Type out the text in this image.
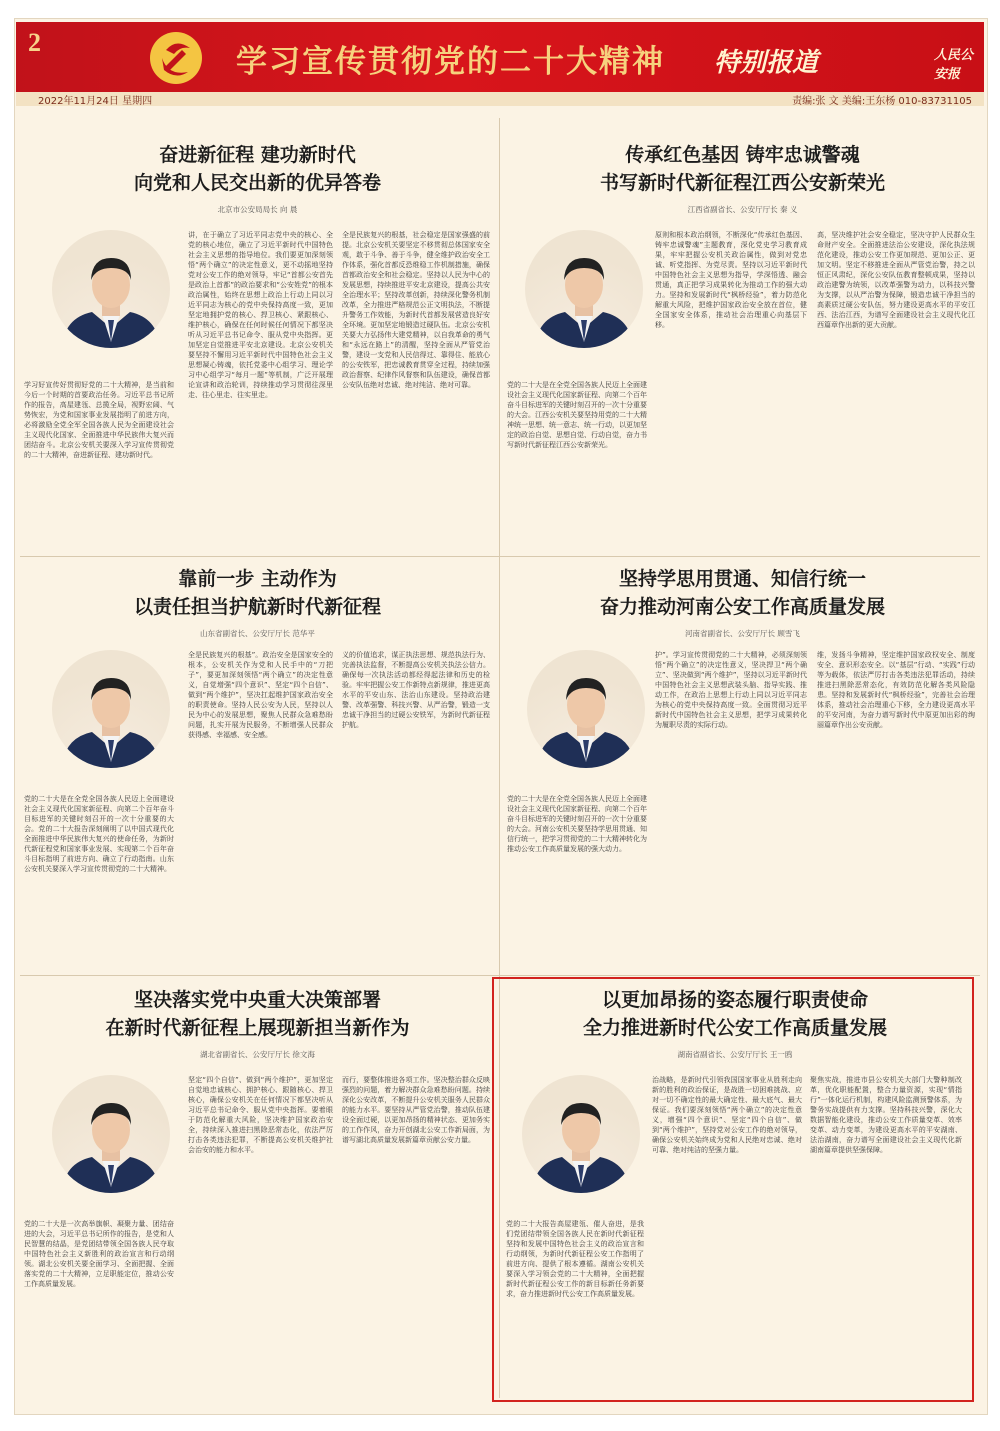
2
学习宣传贯彻党的二十大精神 特别报道	人民公安报
2022年11月24日 星期四	责编:张 文 美编:王东杨 010-83731105
奋进新征程 建功新时代
向党和人民交出新的优异答卷
北京市公安局局长 向 晨
学习好宣传好贯彻好党的二十大精神，是当前和今后一个时期的首要政治任务。习近平总书记所作的报告，高屋建瓴、总揽全局，视野宏阔、气势恢宏，为党和国家事业发展指明了前进方向，必将激励全党全军全国各族人民为全面建设社会主义现代化国家、全面推进中华民族伟大复兴而团结奋斗。北京公安机关要深入学习宣传贯彻党的二十大精神，奋进新征程、建功新时代。
讲，在于确立了习近平同志党中央的核心、全党的核心地位，确立了习近平新时代中国特色社会主义思想的指导地位。我们要更加深刻领悟“两个确立”的决定性意义，更不动摇地坚持党对公安工作的绝对领导，牢记“首都公安首先是政治上首都”的政治要求和“公安姓党”的根本政治属性，始终在思想上政治上行动上同以习近平同志为核心的党中央保持高度一致，更加坚定地拥护党的核心、捍卫核心、紧跟核心、维护核心，确保在任何时候任何情况下都坚决听从习近平总书记命令、服从党中央指挥。更加坚定自觉推进平安北京建设。北京公安机关要坚持不懈用习近平新时代中国特色社会主义思想凝心铸魂，依托党委中心组学习、理论学习中心组学习“每月一题”等机制，广泛开展理论宣讲和政治轮训，持续推动学习贯彻往深里走、往心里走、往实里走。
全是民族复兴的根基，社会稳定是国家强盛的前提。北京公安机关要坚定不移贯彻总体国家安全观，敢于斗争、善于斗争，健全维护政治安全工作体系，强化首都反恐维稳工作机制措施，确保首都政治安全和社会稳定。坚持以人民为中心的发展思想，持续推进平安北京建设，提高公共安全治理水平；坚持改革创新，持续深化警务机制改革，全力推进严格规范公正文明执法，不断提升警务工作效能，为新时代首都发展营造良好安全环境。更加坚定地锻造过硬队伍。北京公安机关要大力弘扬伟大建党精神，以自我革命的勇气和“永远在路上”的清醒，坚持全面从严管党治警，建设一支党和人民信得过、靠得住、能放心的公安铁军，把忠诚教育贯穿全过程，持续加强政治督察、纪律作风督察和队伍建设，确保首都公安队伍绝对忠诚、绝对纯洁、绝对可靠。
传承红色基因 铸牢忠诚警魂
书写新时代新征程江西公安新荣光
江西省副省长、公安厅厅长 秦 义
党的二十大是在全党全国各族人民迈上全面建设社会主义现代化国家新征程、向第二个百年奋斗目标进军的关键时刻召开的一次十分重要的大会。江西公安机关要坚持用党的二十大精神统一思想、统一意志、统一行动，以更加坚定的政治自觉、思想自觉、行动自觉，奋力书写新时代新征程江西公安新荣光。
原则和根本政治纲领，不断深化“传承红色基因、铸牢忠诚警魂”主题教育，深化党史学习教育成果，牢牢把握公安机关政治属性，做到对党忠诚、听党指挥、为党尽责。坚持以习近平新时代中国特色社会主义思想为指导，学深悟透、融会贯通，真正把学习成果转化为推动工作的强大动力。坚持和发展新时代“枫桥经验”，着力防范化解重大风险，把维护国家政治安全放在首位，健全国家安全体系，推动社会治理重心向基层下移。
高，坚决维护社会安全稳定，坚决守护人民群众生命财产安全。全面推进法治公安建设，深化执法规范化建设，推动公安工作更加规范、更加公正、更加文明。坚定不移推进全面从严管党治警，持之以恒正风肃纪，深化公安队伍教育整顿成果，坚持以政治建警为统领，以改革强警为动力，以科技兴警为支撑，以从严治警为保障，锻造忠诚干净担当的高素质过硬公安队伍，努力建设更高水平的平安江西、法治江西，为谱写全面建设社会主义现代化江西篇章作出新的更大贡献。
靠前一步 主动作为
以责任担当护航新时代新征程
山东省副省长、公安厅厅长 范华平
党的二十大是在全党全国各族人民迈上全面建设社会主义现代化国家新征程、向第二个百年奋斗目标进军的关键时刻召开的一次十分重要的大会。党的二十大报告深刻阐明了以中国式现代化全面推进中华民族伟大复兴的使命任务，为新时代新征程党和国家事业发展、实现第二个百年奋斗目标指明了前进方向、确立了行动指南。山东公安机关要深入学习宣传贯彻党的二十大精神。
全是民族复兴的根基”。政治安全是国家安全的根本，公安机关作为党和人民手中的“刀把子”，要更加深刻领悟“两个确立”的决定性意义，自觉增强“四个意识”、坚定“四个自信”、做到“两个维护”，坚决扛起维护国家政治安全的职责使命。坚持人民公安为人民，坚持以人民为中心的发展思想，聚焦人民群众急难愁盼问题，扎实开展为民服务，不断增强人民群众获得感、幸福感、安全感。
义的价值追求，谋正执法思想、规范执法行为、完善执法监督，不断提高公安机关执法公信力。确保每一次执法活动都经得起法律和历史的检验。牢牢把握公安工作新特点新规律，推进更高水平的平安山东、法治山东建设。坚持政治建警、改革强警、科技兴警、从严治警，锻造一支忠诚干净担当的过硬公安铁军，为新时代新征程护航。
坚持学思用贯通、知信行统一
奋力推动河南公安工作高质量发展
河南省副省长、公安厅厅长 顾雪飞
党的二十大是在全党全国各族人民迈上全面建设社会主义现代化国家新征程、向第二个百年奋斗目标进军的关键时刻召开的一次十分重要的大会。河南公安机关要坚持学思用贯通、知信行统一，把学习贯彻党的二十大精神转化为推动公安工作高质量发展的强大动力。
护”。学习宣传贯彻党的二十大精神，必须深刻领悟“两个确立”的决定性意义，坚决捍卫“两个确立”、坚决做到“两个维护”，坚持以习近平新时代中国特色社会主义思想武装头脑、指导实践、推动工作，在政治上思想上行动上同以习近平同志为核心的党中央保持高度一致。全面贯彻习近平新时代中国特色社会主义思想，把学习成果转化为履职尽责的实际行动。
维，发扬斗争精神，坚定维护国家政权安全、制度安全、意识形态安全。以“基层”行动、“实践”行动等为载体，依法严厉打击各类违法犯罪活动，持续推进扫黑除恶常态化，有效防范化解各类风险隐患。坚持和发展新时代“枫桥经验”，完善社会治理体系，推动社会治理重心下移，全力建设更高水平的平安河南，为奋力谱写新时代中原更加出彩的绚丽篇章作出公安贡献。
坚决落实党中央重大决策部署
在新时代新征程上展现新担当新作为
湖北省副省长、公安厅厅长 徐文海
党的二十大是一次高举旗帜、凝聚力量、团结奋进的大会，习近平总书记所作的报告，是党和人民智慧的结晶，是党团结带领全国各族人民夺取中国特色社会主义新胜利的政治宣言和行动纲领。湖北公安机关要全面学习、全面把握、全面落实党的二十大精神，立足职能定位，推动公安工作高质量发展。
坚定“四个自信”、做到“两个维护”，更加坚定自觉地忠诚核心、拥护核心、跟随核心、捍卫核心，确保公安机关在任何情况下都坚决听从习近平总书记命令、服从党中央指挥。要着眼于防范化解重大风险，坚决维护国家政治安全，持续深入推进扫黑除恶常态化，依法严厉打击各类违法犯罪，不断提高公安机关维护社会治安的能力和水平。
而行，要整体推进各项工作。坚决整治群众反映强烈的问题，着力解决群众急难愁盼问题。持续深化公安改革，不断提升公安机关服务人民群众的能力水平。要坚持从严管党治警，推动队伍建设全面过硬，以更加昂扬的精神状态、更加务实的工作作风，奋力开创湖北公安工作新局面，为谱写湖北高质量发展新篇章贡献公安力量。
以更加昂扬的姿态履行职责使命
全力推进新时代公安工作高质量发展
湖南省副省长、公安厅厅长 王一鸥
党的二十大报告高屋建瓴、催人奋进，是我们党团结带领全国各族人民在新时代新征程坚持和发展中国特色社会主义的政治宣言和行动纲领，为新时代新征程公安工作指明了前进方向、提供了根本遵循。湖南公安机关要深入学习领会党的二十大精神，全面把握新时代新征程公安工作的新目标新任务新要求，奋力推进新时代公安工作高质量发展。
治战略，是新时代引领我国国家事业从胜利走向新的胜利的政治保证，是战胜一切困难挑战、应对一切不确定性的最大确定性、最大底气、最大保证。我们要深刻领悟“两个确立”的决定性意义，增强“四个意识”、坚定“四个自信”、做到“两个维护”，坚持党对公安工作的绝对领导，确保公安机关始终成为党和人民绝对忠诚、绝对可靠、绝对纯洁的坚强力量。
聚焦实战，推进市县公安机关大部门大警种制改革，优化职能配置，整合力量资源，实现“情指行”一体化运行机制，构建风险监测预警体系，为警务实战提供有力支撑。坚持科技兴警，深化大数据智能化建设，推动公安工作质量变革、效率变革、动力变革，为建设更高水平的平安湖南、法治湖南，奋力谱写全面建设社会主义现代化新湖南篇章提供坚强保障。
